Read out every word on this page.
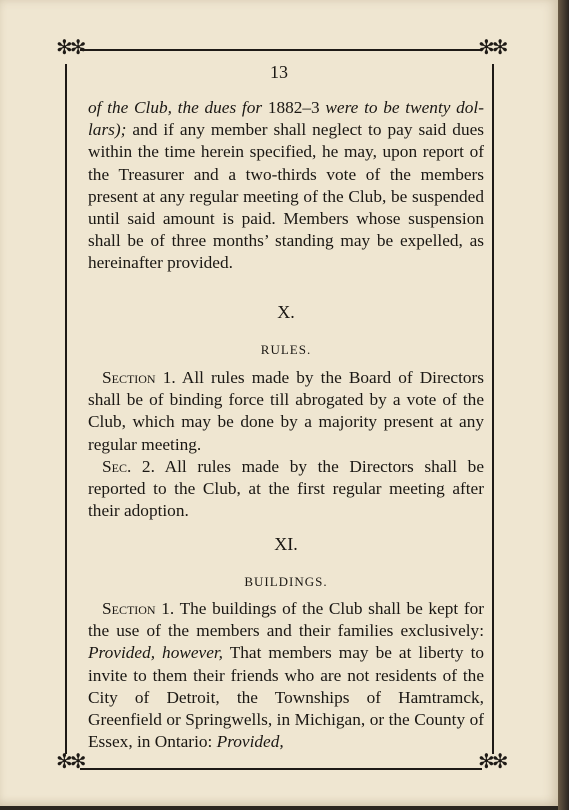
✻✻	✻✻
✻✻	✻✻
13

of the Club, the dues for 1882–3 were to be twenty dollars); and if any member shall neglect to pay said dues within the time herein specified, he may, upon report of the Treasurer and a two-thirds vote of the members present at any regular meeting of the Club, be suspended until said amount is paid. Members whose suspension shall be of three months’ standing may be expelled, as hereinafter provided.

X.
RULES.

Section 1. All rules made by the Board of Directors shall be of binding force till abrogated by a vote of the Club, which may be done by a majority present at any regular meeting.

Sec. 2. All rules made by the Directors shall be reported to the Club, at the first regular meeting after their adoption.

XI.
BUILDINGS.

Section 1. The buildings of the Club shall be kept for the use of the members and their families exclusively: Provided, however, That members may be at liberty to invite to them their friends who are not residents of the City of Detroit, the Townships of Hamtramck, Greenfield or Springwells, in Michigan, or the County of Essex, in Ontario: Provided,
